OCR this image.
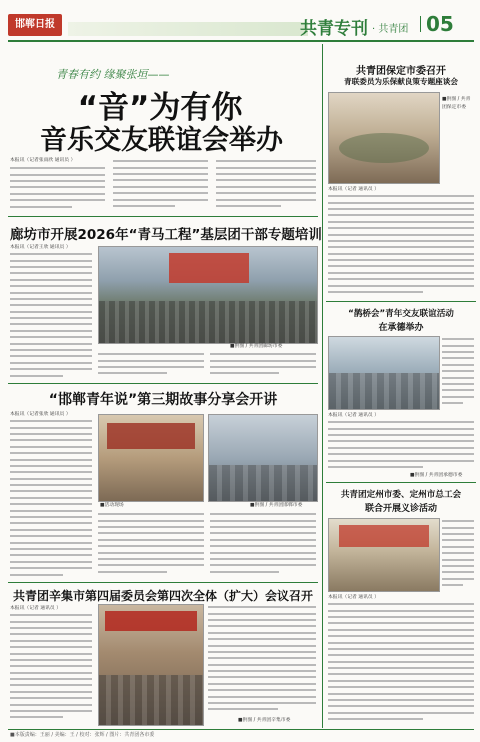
邯郸日报	共青专刊 · 共青团 05
青春有约 缘聚张垣——
“音”为有你
音乐交友联谊会举办
本报讯（记者张雨欣 通讯员 ）
廊坊市开展2026年“青马工程”基层团干部专题培训
本报讯（记者王欣 通讯员 ）
■供图 / 共青团廊坊市委
“邯郸青年说”第三期故事分享会开讲
本报讯（记者张欣 通讯员 ）
■活动现场	■供图 / 共青团邯郸市委
共青团辛集市第四届委员会第四次全体（扩大）会议召开
本报讯（记者 通讯员 ）
■供图 / 共青团辛集市委
共青团保定市委召开
青联委员为乐保献良策专题座谈会
■供图 / 共青团保定市委
本报讯（记者 通讯员 ）
“鹊桥会”青年交友联谊活动
在承德举办
本报讯（记者 通讯员 ）
■供图 / 共青团承德市委
共青团定州市委、定州市总工会
联合开展义诊活动
本报讯（记者 通讯员 ）
■本版责编：王丽 / 美编：王 / 校对：张辉 / 图片：共青团各市委
